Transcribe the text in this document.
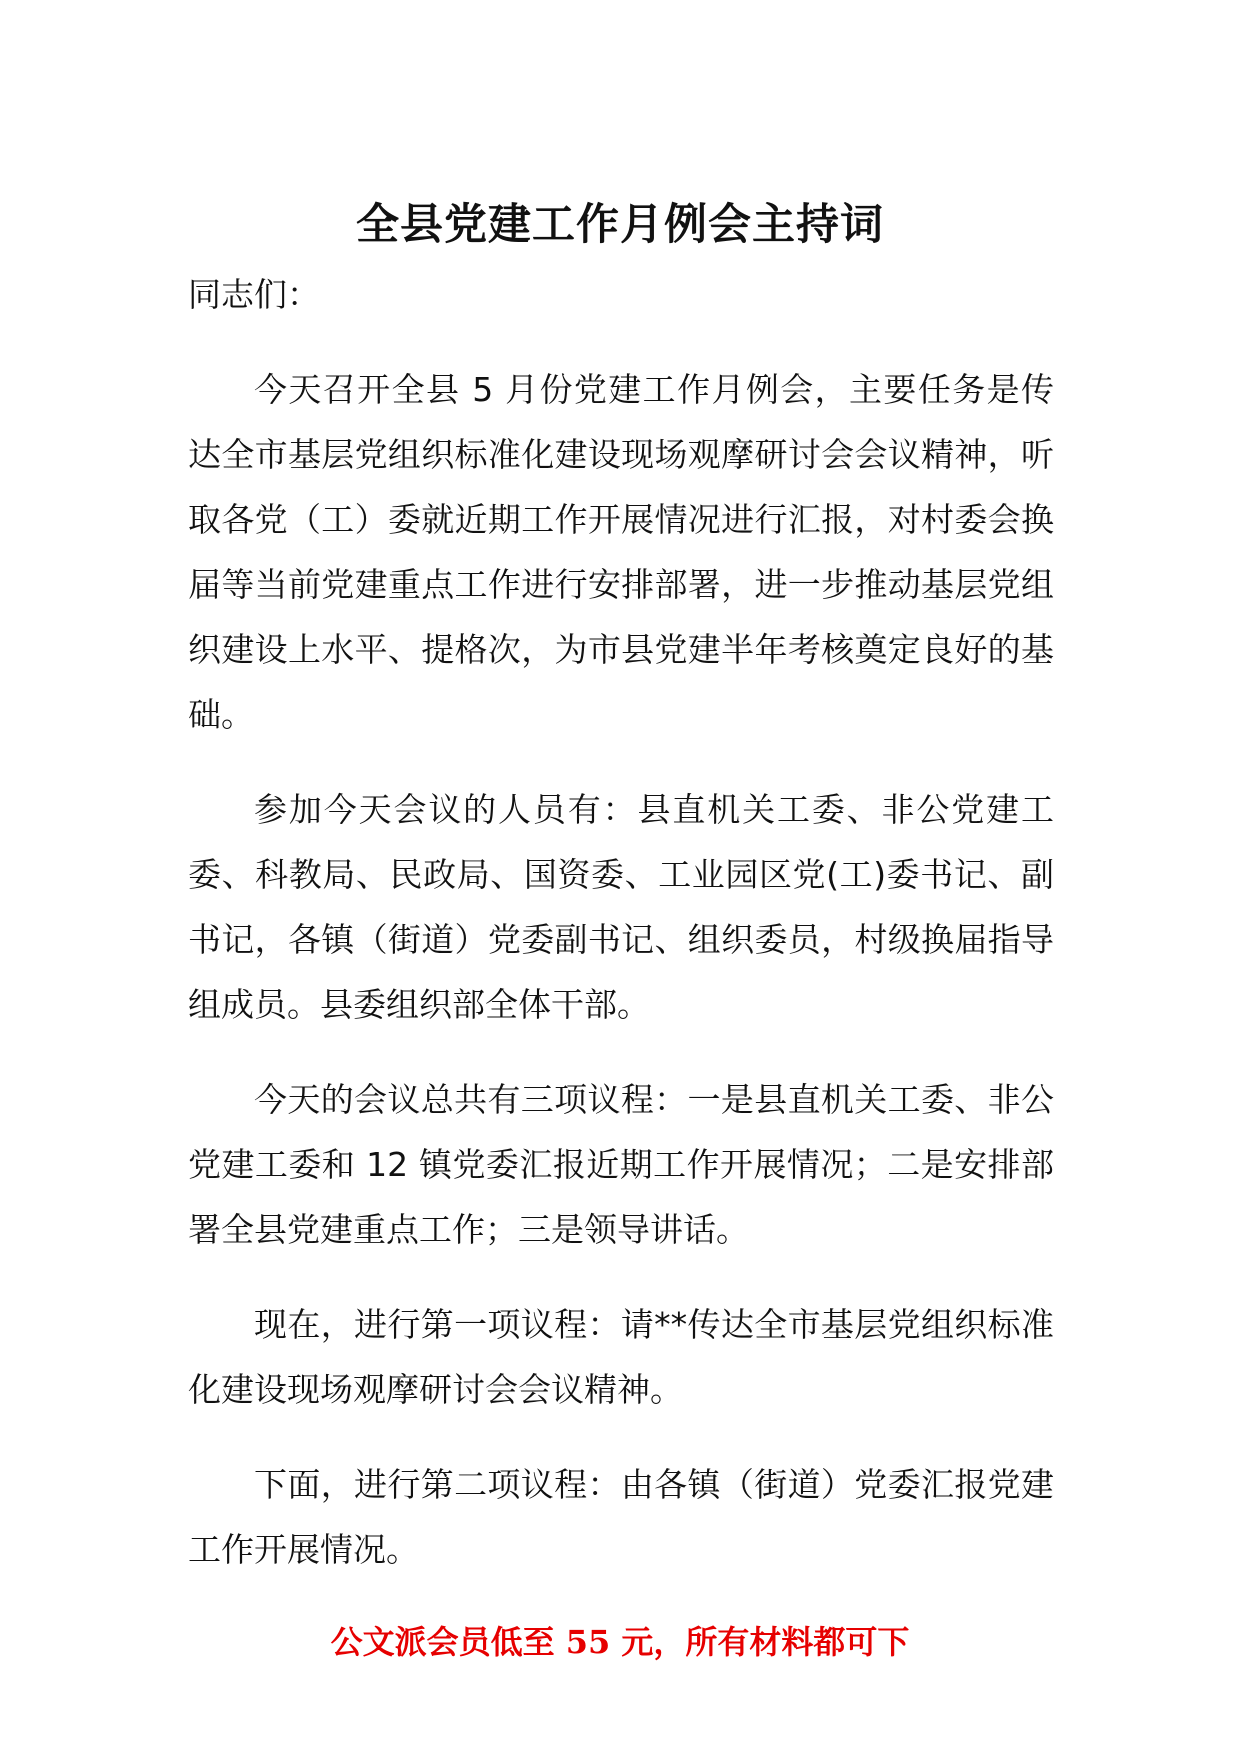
全县党建工作月例会主持词

同志们：

今天召开全县 5 月份党建工作月例会，主要任务是传达全市基层党组织标准化建设现场观摩研讨会会议精神，听取各党（工）委就近期工作开展情况进行汇报，对村委会换届等当前党建重点工作进行安排部署，进一步推动基层党组织建设上水平、提格次，为市县党建半年考核奠定良好的基础。

参加今天会议的人员有：县直机关工委、非公党建工委、科教局、民政局、国资委、工业园区党(工)委书记、副书记，各镇（街道）党委副书记、组织委员，村级换届指导组成员。县委组织部全体干部。

今天的会议总共有三项议程：一是县直机关工委、非公党建工委和 12 镇党委汇报近期工作开展情况；二是安排部署全县党建重点工作；三是领导讲话。

现在，进行第一项议程：请**传达全市基层党组织标准化建设现场观摩研讨会会议精神。

下面，进行第二项议程：由各镇（街道）党委汇报党建工作开展情况。

公文派会员低至 55 元，所有材料都可下
